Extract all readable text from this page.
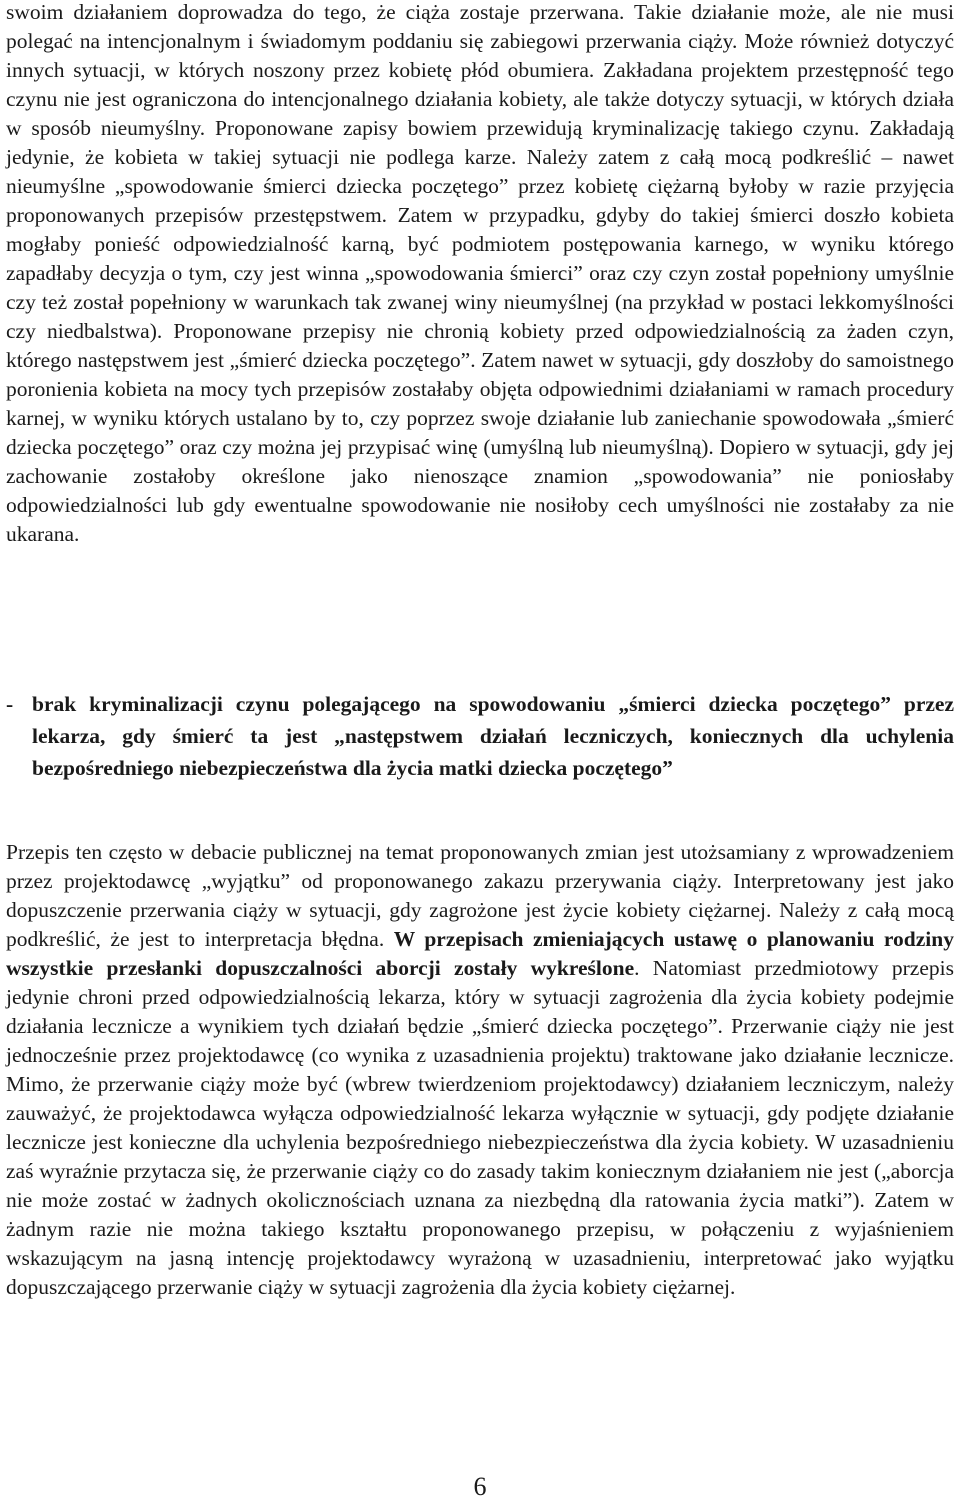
swoim działaniem doprowadza do tego, że ciąża zostaje przerwana. Takie działanie może, ale nie musi polegać na intencjonalnym i świadomym poddaniu się zabiegowi przerwania ciąży. Może również dotyczyć innych sytuacji, w których noszony przez kobietę płód obumiera. Zakładana projektem przestępność tego czynu nie jest ograniczona do intencjonalnego działania kobiety, ale także dotyczy sytuacji, w których działa w sposób nieumyślny. Proponowane zapisy bowiem przewidują kryminalizację takiego czynu. Zakładają jedynie, że kobieta w takiej sytuacji nie podlega karze. Należy zatem z całą mocą podkreślić – nawet nieumyślne „spowodowanie śmierci dziecka poczętego” przez kobietę ciężarną byłoby w razie przyjęcia proponowanych przepisów przestępstwem. Zatem w przypadku, gdyby do takiej śmierci doszło kobieta mogłaby ponieść odpowiedzialność karną, być podmiotem postępowania karnego, w wyniku którego zapadłaby decyzja o tym, czy jest winna „spowodowania śmierci” oraz czy czyn został popełniony umyślnie czy też został popełniony w warunkach tak zwanej winy nieumyślnej (na przykład w postaci lekkomyślności czy niedbalstwa). Proponowane przepisy nie chronią kobiety przed odpowiedzialnością za żaden czyn, którego następstwem jest „śmierć dziecka poczętego”. Zatem nawet w sytuacji, gdy doszłoby do samoistnego poronienia kobieta na mocy tych przepisów zostałaby objęta odpowiednimi działaniami w ramach procedury karnej, w wyniku których ustalano by to, czy poprzez swoje działanie lub zaniechanie spowodowała „śmierć dziecka poczętego” oraz czy można jej przypisać winę (umyślną lub nieumyślną). Dopiero w sytuacji, gdy jej zachowanie zostałoby określone jako nienoszące znamion „spowodowania” nie poniosłaby odpowiedzialności lub gdy ewentualne spowodowanie nie nosiłoby cech umyślności nie zostałaby za nie ukarana.

- brak kryminalizacji czynu polegającego na spowodowaniu „śmierci dziecka poczętego” przez lekarza, gdy śmierć ta jest „następstwem działań leczniczych, koniecznych dla uchylenia bezpośredniego niebezpieczeństwa dla życia matki dziecka poczętego”

Przepis ten często w debacie publicznej na temat proponowanych zmian jest utożsamiany z wprowadzeniem przez projektodawcę „wyjątku” od proponowanego zakazu przerywania ciąży. Interpretowany jest jako dopuszczenie przerwania ciąży w sytuacji, gdy zagrożone jest życie kobiety ciężarnej. Należy z całą mocą podkreślić, że jest to interpretacja błędna. W przepisach zmieniających ustawę o planowaniu rodziny wszystkie przesłanki dopuszczalności aborcji zostały wykreślone. Natomiast przedmiotowy przepis jedynie chroni przed odpowiedzialnością lekarza, który w sytuacji zagrożenia dla życia kobiety podejmie działania lecznicze a wynikiem tych działań będzie „śmierć dziecka poczętego”. Przerwanie ciąży nie jest jednocześnie przez projektodawcę (co wynika z uzasadnienia projektu) traktowane jako działanie lecznicze. Mimo, że przerwanie ciąży może być (wbrew twierdzeniom projektodawcy) działaniem leczniczym, należy zauważyć, że projektodawca wyłącza odpowiedzialność lekarza wyłącznie w sytuacji, gdy podjęte działanie lecznicze jest konieczne dla uchylenia bezpośredniego niebezpieczeństwa dla życia kobiety. W uzasadnieniu zaś wyraźnie przytacza się, że przerwanie ciąży co do zasady takim koniecznym działaniem nie jest („aborcja nie może zostać w żadnych okolicznościach uznana za niezbędną dla ratowania życia matki”). Zatem w żadnym razie nie można takiego kształtu proponowanego przepisu, w połączeniu z wyjaśnieniem wskazującym na jasną intencję projektodawcy wyrażoną w uzasadnieniu, interpretować jako wyjątku dopuszczającego przerwanie ciąży w sytuacji zagrożenia dla życia kobiety ciężarnej.

6
